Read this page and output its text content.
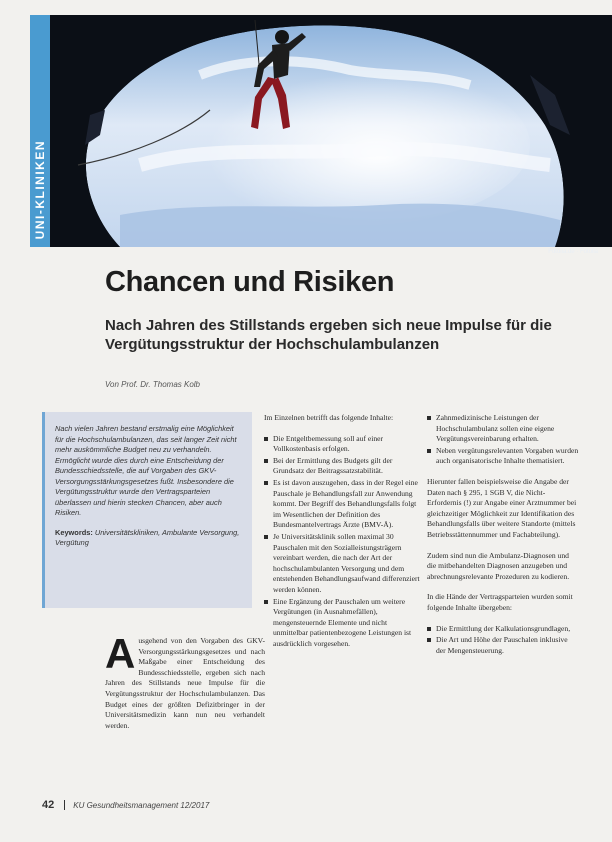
UNI-KLINIKEN
Fotolia.de · Fotolia
Chancen und Risiken
Nach Jahren des Stillstands ergeben sich neue Impulse für die Vergütungsstruktur der Hochschulambulanzen
Von Prof. Dr. Thomas Kolb

Nach vielen Jahren bestand erstmalig eine Möglichkeit für die Hochschulambulanzen, das seit langer Zeit nicht mehr auskömmliche Budget neu zu verhandeln. Ermöglicht wurde dies durch eine Entscheidung der Bundesschiedsstelle, die auf Vorgaben des GKV-Versorgungsstärkungsgesetzes fußt. Insbesondere die Vergütungsstruktur wurde den Vertragsparteien überlassen und hierin stecken Chancen, aber auch Risiken.

Keywords: Universitätskliniken, Ambulante Versorgung, Vergütung

Ausgehend von den Vorgaben des GKV-Versorgungsstärkungsgesetzes und nach Maßgabe einer Entscheidung des Bundesschiedsstelle, ergeben sich nach Jahren des Stillstands neue Impulse für die Vergütungsstruktur der Hochschulambulanzen. Das Budget eines der größten Defizitbringer in der Universitätsmedizin kann nun neu verhandelt werden.

Im Einzelnen betrifft das folgende Inhalte:

Die Entgeltbemessung soll auf einer Vollkostenbasis erfolgen.
Bei der Ermittlung des Budgets gilt der Grundsatz der Beitragssatzstabilität.
Es ist davon auszugehen, dass in der Regel eine Pauschale je Behandlungsfall zur Anwendung kommt. Der Begriff des Behandlungsfalls folgt im Wesentlichen der Definition des Bundesmantelvertrags Ärzte (BMV-Ä).
Je Universitätsklinik sollen maximal 30 Pauschalen mit den Sozialleistungsträgern vereinbart werden, die nach der Art der hochschulambulanten Versorgung und dem entstehenden Behandlungsaufwand differenziert werden können.
Eine Ergänzung der Pauschalen um weitere Vergütungen (in Ausnahmefällen), mengensteuernde Elemente und nicht unmittelbar patientenbezogene Leistungen ist ausdrücklich vorgesehen.
Zahnmedizinische Leistungen der Hochschulambulanz sollen eine eigene Vergütungsvereinbarung erhalten.
Neben vergütungsrelevanten Vorgaben wurden auch organisatorische Inhalte thematisiert.

Hierunter fallen beispielsweise die Angabe der Daten nach § 295, 1 SGB V, die Nicht-Erfordernis (!) zur Angabe einer Arztnummer bei gleichzeitiger Möglichkeit zur Identifikation des Behandlungsfalls über weitere Standorte (mittels Betriebsstättennummer und Fachabteilung).

Zudem sind nun die Ambulanz-Diagnosen und die mitbehandelten Diagnosen anzugeben und abrechnungsrelevante Prozeduren zu kodieren.

In die Hände der Vertragsparteien wurden somit folgende Inhalte übergeben:

Die Ermittlung der Kalkulationsgrundlagen,
Die Art und Höhe der Pauschalen inklusive der Mengensteuerung.
42 KU Gesundheitsmanagement 12/2017
